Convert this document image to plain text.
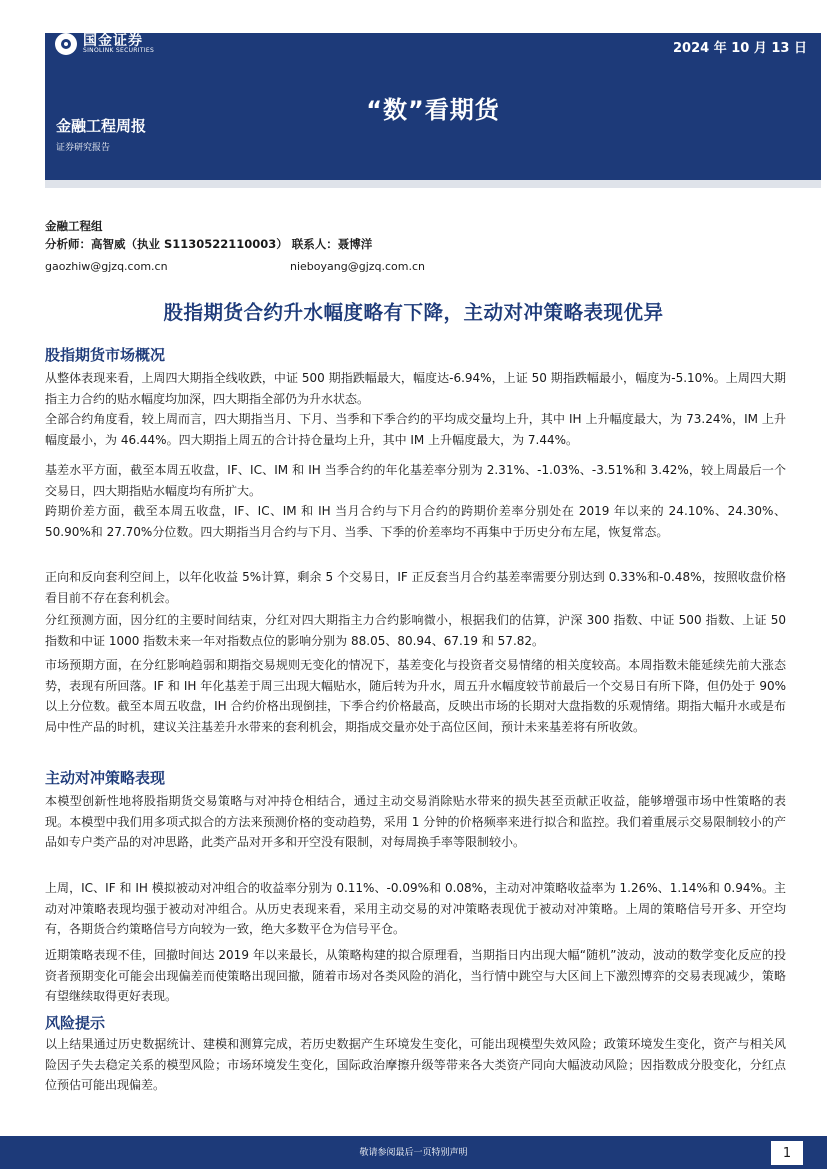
国金证券
SINOLINK SECURITIES	2024 年 10 月 13 日
“数”看期货
金融工程周报
证券研究报告
金融工程组
分析师：高智威（执业 S1130522110003） 联系人：聂博洋
gaozhiw@gjzq.com.cn	nieboyang@gjzq.com.cn
股指期货合约升水幅度略有下降，主动对冲策略表现优异
股指期货市场概况

从整体表现来看，上周四大期指全线收跌，中证 500 期指跌幅最大，幅度达-6.94%，上证 50 期指跌幅最小，幅度为-5.10%。上周四大期指主力合约的贴水幅度均加深，四大期指全部仍为升水状态。

全部合约角度看，较上周而言，四大期指当月、下月、当季和下季合约的平均成交量均上升，其中 IH 上升幅度最大，为 73.24%，IM 上升幅度最小，为 46.44%。四大期指上周五的合计持仓量均上升，其中 IM 上升幅度最大，为 7.44%。

基差水平方面，截至本周五收盘，IF、IC、IM 和 IH 当季合约的年化基差率分别为 2.31%、-1.03%、-3.51%和 3.42%，较上周最后一个交易日，四大期指贴水幅度均有所扩大。

跨期价差方面，截至本周五收盘，IF、IC、IM 和 IH 当月合约与下月合约的跨期价差率分别处在 2019 年以来的 24.10%、24.30%、50.90%和 27.70%分位数。四大期指当月合约与下月、当季、下季的价差率均不再集中于历史分布左尾，恢复常态。

正向和反向套利空间上，以年化收益 5%计算，剩余 5 个交易日，IF 正反套当月合约基差率需要分别达到 0.33%和-0.48%，按照收盘价格看目前不存在套利机会。

分红预测方面，因分红的主要时间结束，分红对四大期指主力合约影响微小，根据我们的估算，沪深 300 指数、中证 500 指数、上证 50 指数和中证 1000 指数未来一年对指数点位的影响分别为 88.05、80.94、67.19 和 57.82。

市场预期方面，在分红影响趋弱和期指交易规则无变化的情况下，基差变化与投资者交易情绪的相关度较高。本周指数未能延续先前大涨态势，表现有所回落。IF 和 IH 年化基差于周三出现大幅贴水，随后转为升水，周五升水幅度较节前最后一个交易日有所下降，但仍处于 90%以上分位数。截至本周五收盘，IH 合约价格出现倒挂，下季合约价格最高，反映出市场的长期对大盘指数的乐观情绪。期指大幅升水或是布局中性产品的时机，建议关注基差升水带来的套利机会，期指成交量亦处于高位区间，预计未来基差将有所收敛。

主动对冲策略表现

本模型创新性地将股指期货交易策略与对冲持仓相结合，通过主动交易消除贴水带来的损失甚至贡献正收益，能够增强市场中性策略的表现。本模型中我们用多项式拟合的方法来预测价格的变动趋势，采用 1 分钟的价格频率来进行拟合和监控。我们着重展示交易限制较小的产品如专户类产品的对冲思路，此类产品对开多和开空没有限制，对每周换手率等限制较小。

上周，IC、IF 和 IH 模拟被动对冲组合的收益率分别为 0.11%、-0.09%和 0.08%，主动对冲策略收益率为 1.26%、1.14%和 0.94%。主动对冲策略表现均强于被动对冲组合。从历史表现来看，采用主动交易的对冲策略表现优于被动对冲策略。上周的策略信号开多、开空均有，各期货合约策略信号方向较为一致，绝大多数平仓为信号平仓。

近期策略表现不佳，回撤时间达 2019 年以来最长，从策略构建的拟合原理看，当期指日内出现大幅“随机”波动，波动的数学变化反应的投资者预期变化可能会出现偏差而使策略出现回撤，随着市场对各类风险的消化，当行情中跳空与大区间上下激烈博弈的交易表现减少，策略有望继续取得更好表现。

风险提示

以上结果通过历史数据统计、建模和测算完成，若历史数据产生环境发生变化，可能出现模型失效风险；政策环境发生变化，资产与相关风险因子失去稳定关系的模型风险；市场环境发生变化，国际政治摩擦升级等带来各大类资产同向大幅波动风险；因指数成分股变化，分红点位预估可能出现偏差。

敬请参阅最后一页特别声明	1
